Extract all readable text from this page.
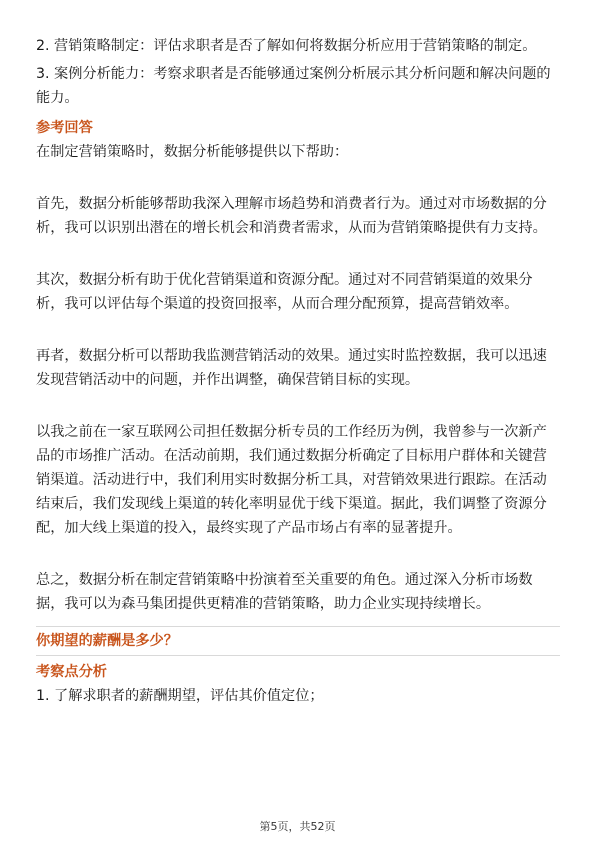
2. 营销策略制定：评估求职者是否了解如何将数据分析应用于营销策略的制定。

3. 案例分析能力：考察求职者是否能够通过案例分析展示其分析问题和解决问题的

能力。

参考回答

在制定营销策略时，数据分析能够提供以下帮助：

首先，数据分析能够帮助我深入理解市场趋势和消费者行为。通过对市场数据的分

析，我可以识别出潜在的增长机会和消费者需求，从而为营销策略提供有力支持。

其次，数据分析有助于优化营销渠道和资源分配。通过对不同营销渠道的效果分

析，我可以评估每个渠道的投资回报率，从而合理分配预算，提高营销效率。

再者，数据分析可以帮助我监测营销活动的效果。通过实时监控数据，我可以迅速

发现营销活动中的问题，并作出调整，确保营销目标的实现。

以我之前在一家互联网公司担任数据分析专员的工作经历为例，我曾参与一次新产

品的市场推广活动。在活动前期，我们通过数据分析确定了目标用户群体和关键营

销渠道。活动进行中，我们利用实时数据分析工具，对营销效果进行跟踪。在活动

结束后，我们发现线上渠道的转化率明显优于线下渠道。据此，我们调整了资源分

配，加大线上渠道的投入，最终实现了产品市场占有率的显著提升。

总之，数据分析在制定营销策略中扮演着至关重要的角色。通过深入分析市场数

据，我可以为森马集团提供更精准的营销策略，助力企业实现持续增长。

你期望的薪酬是多少？

考察点分析

1. 了解求职者的薪酬期望，评估其价值定位；

第5页，共52页
